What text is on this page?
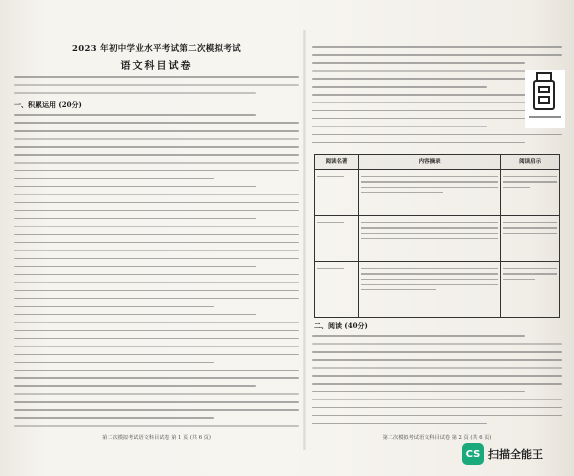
2023 年初中学业水平考试第二次模拟考试
语文科目试卷
一、积累运用 (20分)
第二次模拟考试语文科目试卷 第 1 页 (共 6 页)
阅读名著	内容摘录	阅读启示

二、阅读 (40分)
第二次模拟考试语文科目试卷 第 2 页 (共 6 页)
CS 扫描全能王
